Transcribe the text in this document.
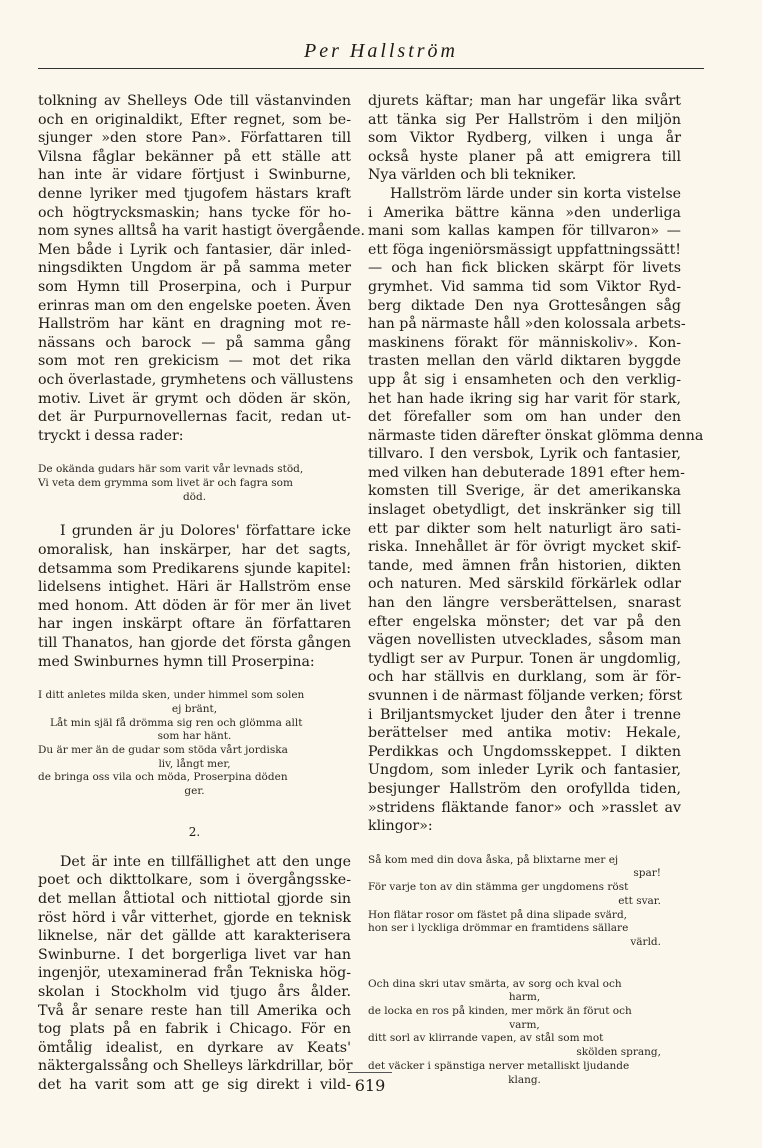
Per Hallström
tolkning av Shelleys Ode till västanvinden
och en originaldikt, Efter regnet, som be-
sjunger »den store Pan». Författaren till
Vilsna fåglar bekänner på ett ställe att
han inte är vidare förtjust i Swinburne,
denne lyriker med tjugofem hästars kraft
och högtrycksmaskin; hans tycke för ho-
nom synes alltså ha varit hastigt övergående.
Men både i Lyrik och fantasier, där inled-
ningsdikten Ungdom är på samma meter
som Hymn till Proserpina, och i Purpur
erinras man om den engelske poeten. Även
Hallström har känt en dragning mot re-
nässans och barock — på samma gång
som mot ren grekicism — mot det rika
och överlastade, grymhetens och vällustens
motiv. Livet är grymt och döden är skön,
det är Purpurnovellernas facit, redan ut-
tryckt i dessa rader:
De okända gudars här som varit vår levnads stöd,
Vi veta dem grymma som livet är och fagra som
död.
I grunden är ju Dolores' författare icke
omoralisk, han inskärper, har det sagts,
detsamma som Predikarens sjunde kapitel:
lidelsens intighet. Häri är Hallström ense
med honom. Att döden är för mer än livet
har ingen inskärpt oftare än författaren
till Thanatos, han gjorde det första gången
med Swinburnes hymn till Proserpina:
I ditt anletes milda sken, under himmel som solen
ej bränt,
Låt min själ få drömma sig ren och glömma allt
som har hänt.
Du är mer än de gudar som stöda vårt jordiska
liv, långt mer,
de bringa oss vila och möda, Proserpina döden
ger.
2.
Det är inte en tillfällighet att den unge
poet och dikttolkare, som i övergångsske-
det mellan åttiotal och nittiotal gjorde sin
röst hörd i vår vitterhet, gjorde en teknisk
liknelse, när det gällde att karakterisera
Swinburne. I det borgerliga livet var han
ingenjör, utexaminerad från Tekniska hög-
skolan i Stockholm vid tjugo års ålder.
Två år senare reste han till Amerika och
tog plats på en fabrik i Chicago. För en
ömtålig idealist, en dyrkare av Keats'
näktergalssång och Shelleys lärkdrillar, bör
det ha varit som att ge sig direkt i vild-
djurets käftar; man har ungefär lika svårt
att tänka sig Per Hallström i den miljön
som Viktor Rydberg, vilken i unga år
också hyste planer på att emigrera till
Nya världen och bli tekniker.
Hallström lärde under sin korta vistelse
i Amerika bättre känna »den underliga
mani som kallas kampen för tillvaron» —
ett föga ingeniörsmässigt uppfattningssätt!
— och han fick blicken skärpt för livets
grymhet. Vid samma tid som Viktor Ryd-
berg diktade Den nya Grottesången såg
han på närmaste håll »den kolossala arbets-
maskinens förakt för människoliv». Kon-
trasten mellan den värld diktaren byggde
upp åt sig i ensamheten och den verklig-
het han hade ikring sig har varit för stark,
det förefaller som om han under den
närmaste tiden därefter önskat glömma denna
tillvaro. I den versbok, Lyrik och fantasier,
med vilken han debuterade 1891 efter hem-
komsten till Sverige, är det amerikanska
inslaget obetydligt, det inskränker sig till
ett par dikter som helt naturligt äro sati-
riska. Innehållet är för övrigt mycket skif-
tande, med ämnen från historien, dikten
och naturen. Med särskild förkärlek odlar
han den längre versberättelsen, snarast
efter engelska mönster; det var på den
vägen novellisten utvecklades, såsom man
tydligt ser av Purpur. Tonen är ungdomlig,
och har ställvis en durklang, som är för-
svunnen i de närmast följande verken; först
i Briljantsmycket ljuder den åter i trenne
berättelser med antika motiv: Hekale,
Perdikkas och Ungdomsskeppet. I dikten
Ungdom, som inleder Lyrik och fantasier,
besjunger Hallström den orofyllda tiden,
»stridens fläktande fanor» och »rasslet av
klingor»:
Så kom med din dova åska, på blixtarne mer ej
spar!
För varje ton av din stämma ger ungdomens röst
ett svar.
Hon flätar rosor om fästet på dina slipade svärd,
hon ser i lyckliga drömmar en framtidens sällare
värld.
Och dina skri utav smärta, av sorg och kval och
harm,
de locka en ros på kinden, mer mörk än förut och
varm,
ditt sorl av klirrande vapen, av stål som mot
skölden sprang,
det väcker i spänstiga nerver metalliskt ljudande
klang.
619
